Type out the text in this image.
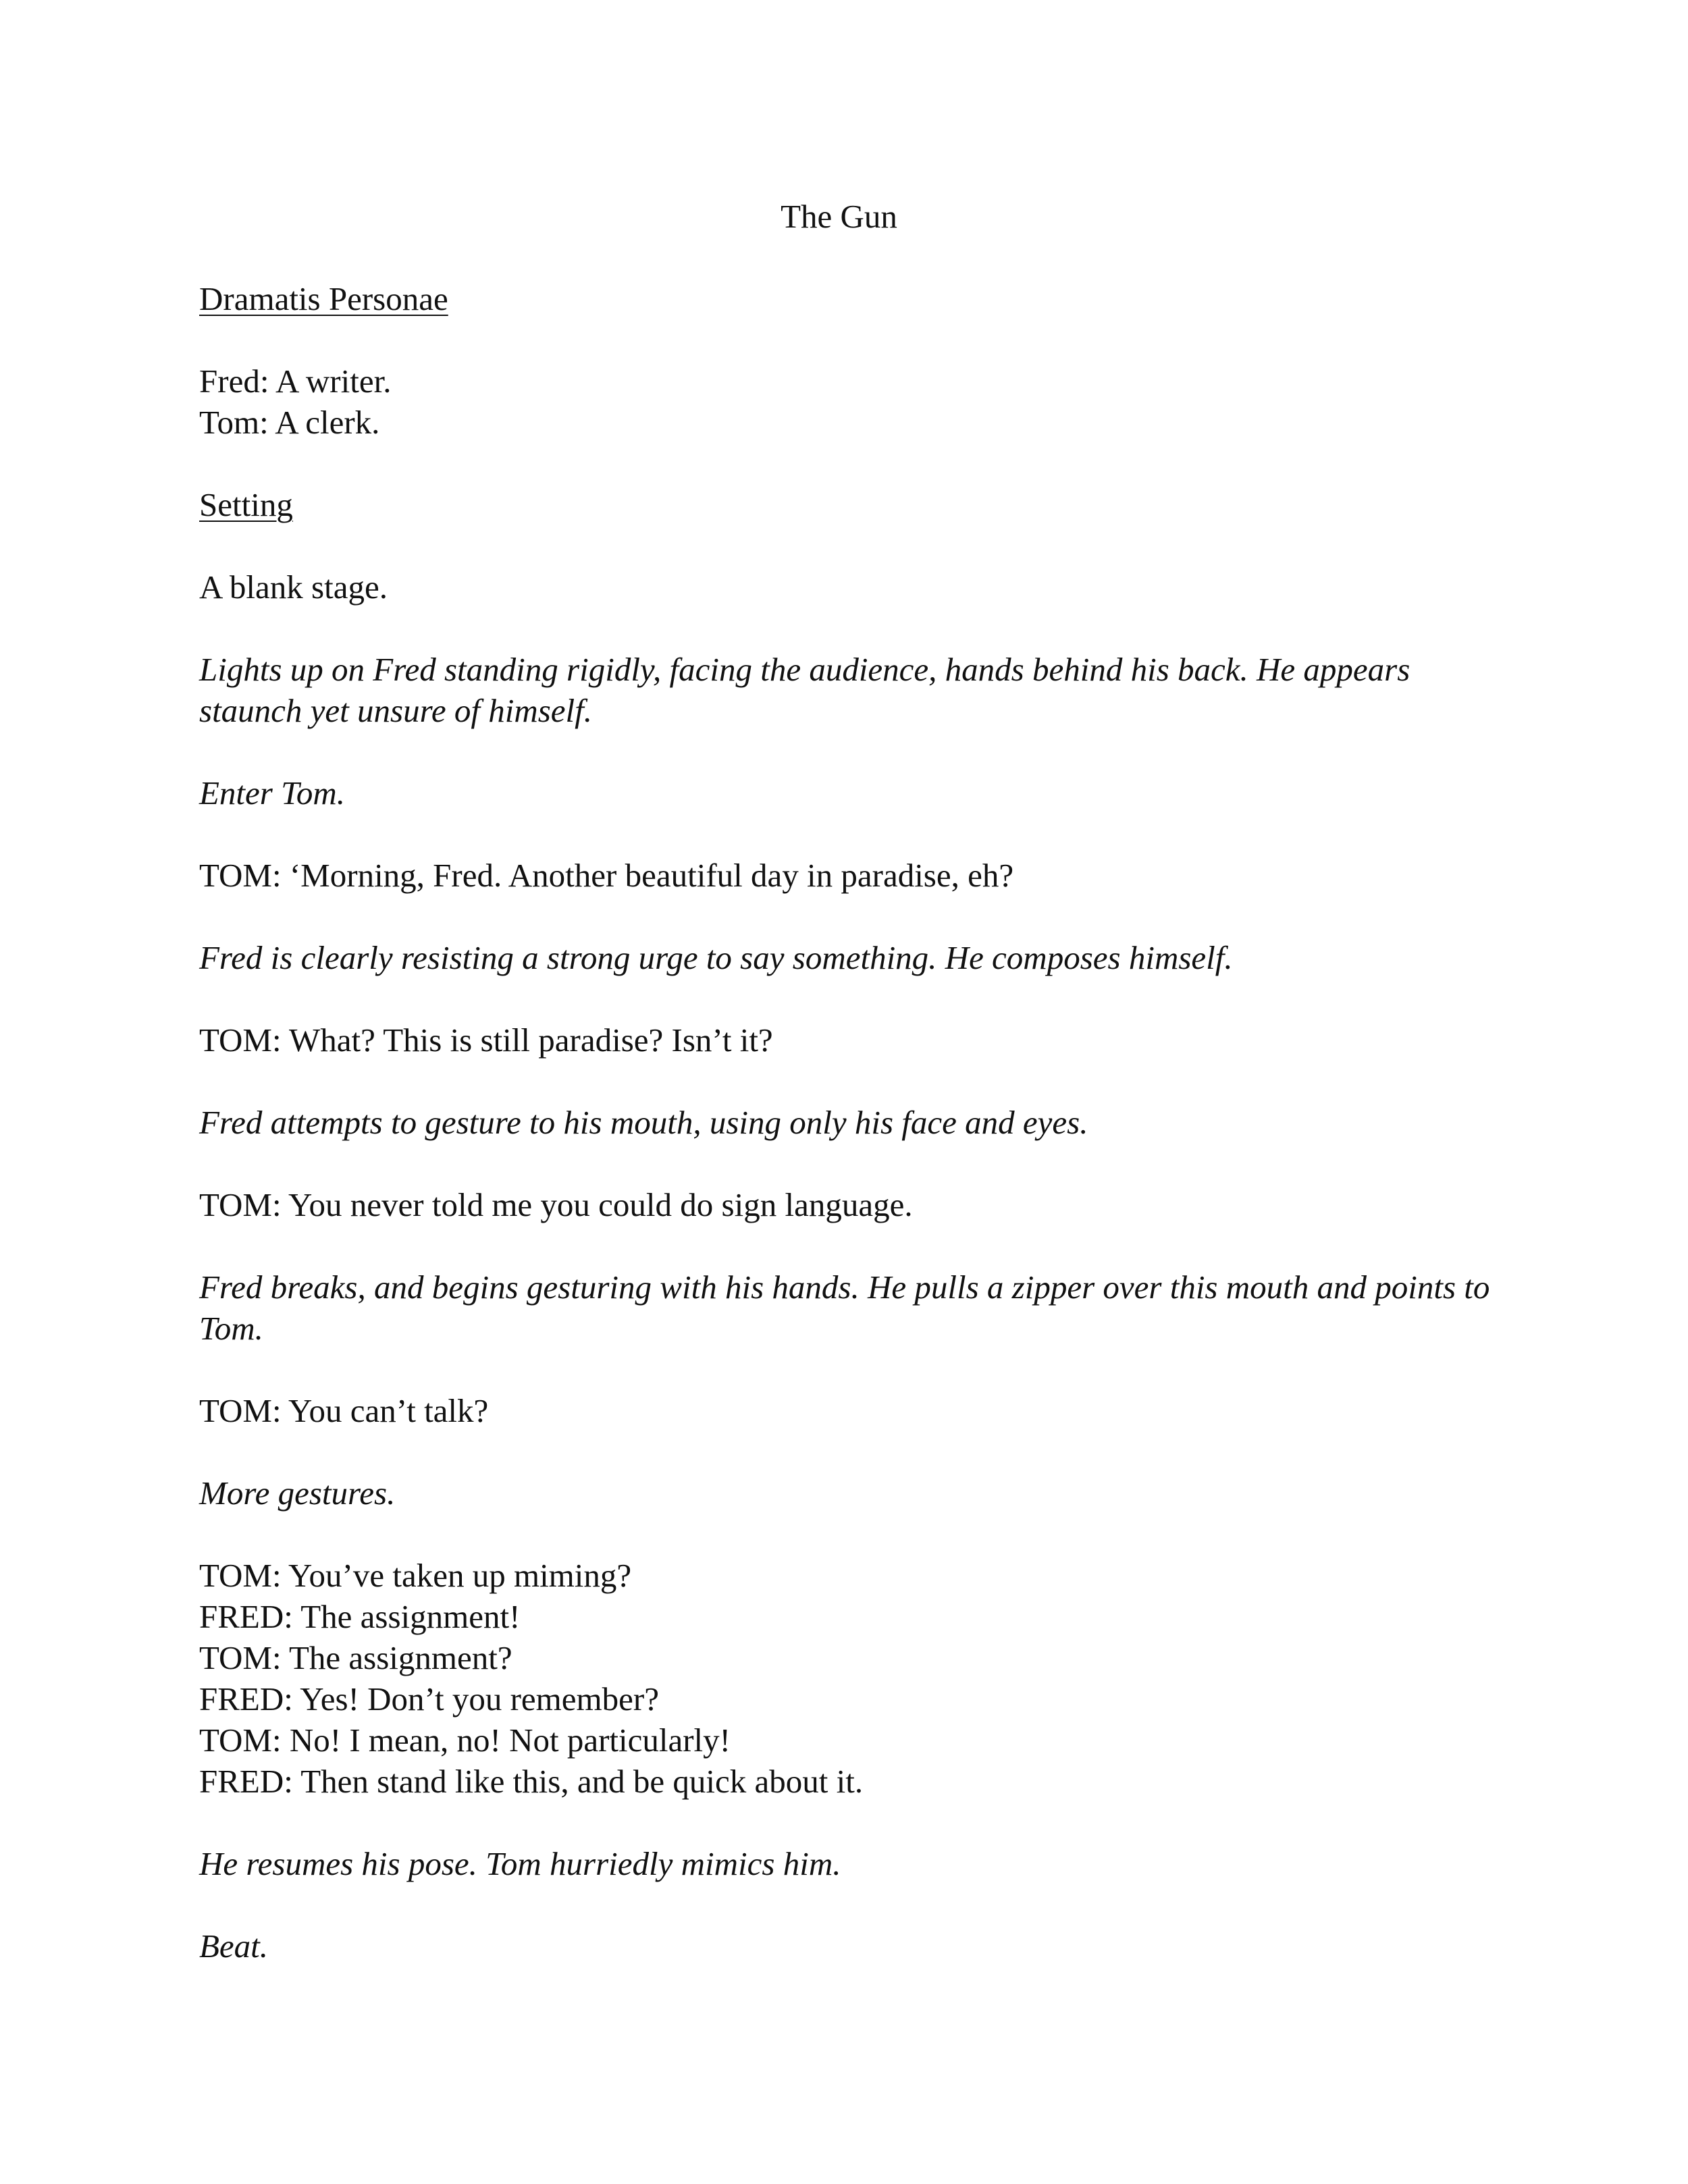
The Gun
Dramatis Personae
Fred: A writer.
Tom: A clerk.
Setting
A blank stage.

Lights up on Fred standing rigidly, facing the audience, hands behind his back. He appears staunch yet unsure of himself.

Enter Tom.

TOM: ‘Morning, Fred. Another beautiful day in paradise, eh?

Fred is clearly resisting a strong urge to say something. He composes himself.

TOM: What? This is still paradise? Isn’t it?

Fred attempts to gesture to his mouth, using only his face and eyes.

TOM: You never told me you could do sign language.

Fred breaks, and begins gesturing with his hands. He pulls a zipper over this mouth and points to Tom.

TOM: You can’t talk?

More gestures.

TOM: You’ve taken up miming?
FRED: The assignment!
TOM: The assignment?
FRED: Yes! Don’t you remember?
TOM: No! I mean, no! Not particularly!
FRED: Then stand like this, and be quick about it.

He resumes his pose. Tom hurriedly mimics him.

Beat.
